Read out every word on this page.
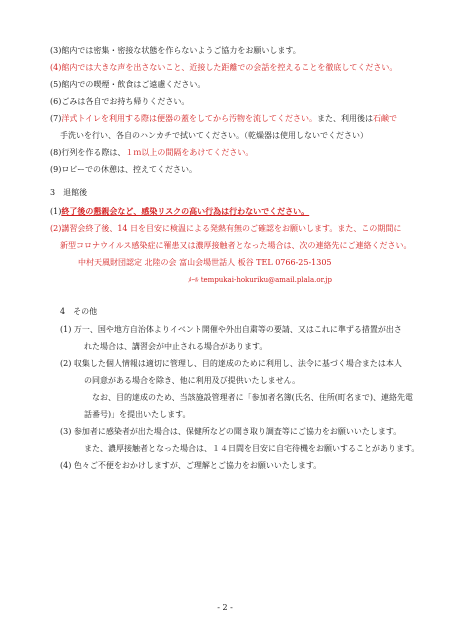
(3)館内では密集・密接な状態を作らないようご協力をお願いします。
(4)館内では大きな声を出さないこと、近接した距離での会話を控えることを徹底してください。
(5)館内での喫煙・飲食はご遠慮ください。
(6)ごみは各自でお持ち帰りください。
(7)洋式トイレを利用する際は便器の蓋をしてから汚物を流してください。また、利用後は石鹸で
手洗いを行い、各自のハンカチで拭いてください。（乾燥器は使用しないでください）
(8)行列を作る際は、１ｍ以上の間隔をあけてください。
(9)ロビーでの休憩は、控えてください。
3　退館後
(1)終了後の懇親会など、感染リスクの高い行為は行わないでください。
(2)講習会終了後、14 日を目安に検温による発熱有無のご確認をお願いします。また、この期間に
新型コロナウイルス感染症に罹患又は濃厚接触者となった場合は、次の連絡先にご連絡ください。
中村天風財団認定 北陸の会 富山会場世話人 板谷 TEL 0766-25-1305
ﾒｰﾙ tempukai-hokuriku@amail.plala.or.jp
4　その他
(1) 万一、国や地方自治体よりイベント開催や外出自粛等の要請、又はこれに準ずる措置が出さ
れた場合は、講習会が中止される場合があります。
(2) 収集した個人情報は適切に管理し、目的達成のために利用し、法令に基づく場合または本人
の同意がある場合を除き、他に利用及び提供いたしません。
なお、目的達成のため、当該施設管理者に「参加者名簿(氏名、住所(町名まで)、連絡先電
話番号)」を提出いたします。
(3) 参加者に感染者が出た場合は、保健所などの聞き取り調査等にご協力をお願いいたします。
また、濃厚接触者となった場合は、１４日間を目安に自宅待機をお願いすることがあります。
(4) 色々ご不便をおかけしますが、ご理解とご協力をお願いいたします。
- 2 -
